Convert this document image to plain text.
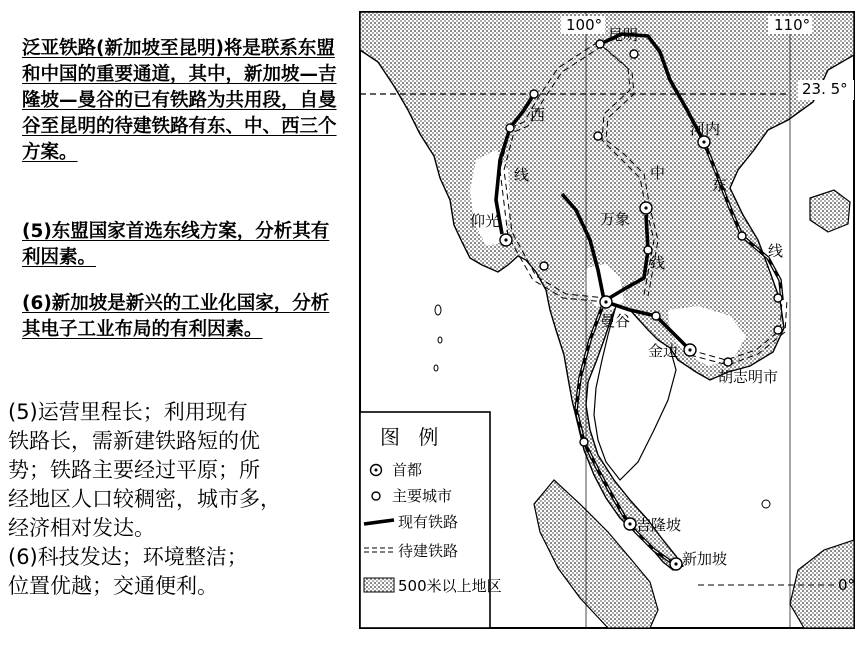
泛亚铁路(新加坡至昆明)将是联系东盟和中国的重要通道，其中，新加坡—吉隆坡—曼谷的已有铁路为共用段，自曼谷至昆明的待建铁路有东、中、西三个方案。
(5)东盟国家首选东线方案，分析其有利因素。
(6)新加坡是新兴的工业化国家，分析其电子工业布局的有利因素。
(5)运营里程长；利用现有
铁路长，需新建铁路短的优
势；铁路主要经过平原；所
经地区人口较稠密，城市多，
经济相对发达。
(6)科技发达；环境整洁；
位置优越；交通便利。
100°	110°
23. 5°
0°
昆明
河内
仰光	万象
曼谷
金边
胡志明市
吉隆坡
新加坡
西
线	中
线
东
线
图 例
首都
主要城市
现有铁路
待建铁路
500米以上地区
